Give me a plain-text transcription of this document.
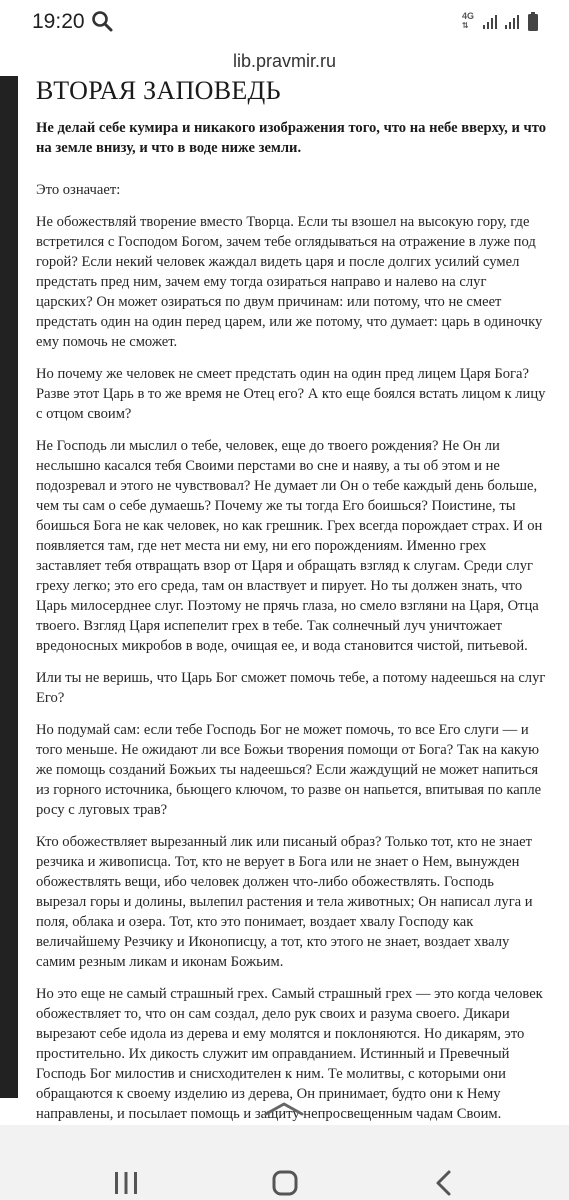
19:20	4G
⇅
lib.pravmir.ru
ВТОРАЯ ЗАПОВЕДЬ

Не делай себе кумира и никакого изображения того, что на небе вверху, и что на земле внизу, и что в воде ниже земли.

Это означает:

Не обожествляй творение вместо Творца. Если ты взошел на высокую гору, где встретился с Господом Богом, зачем тебе оглядываться на отражение в луже под горой? Если некий человек жаждал видеть царя и после долгих усилий сумел предстать пред ним, зачем ему тогда озираться направо и налево на слуг царских? Он может озираться по двум причинам: или потому, что не смеет предстать один на один перед царем, или же потому, что думает: царь в одиночку ему помочь не сможет.

Но почему же человек не смеет предстать один на один пред лицем Царя Бога? Разве этот Царь в то же время не Отец его? А кто еще боялся встать лицом к лицу с отцом своим?

Не Господь ли мыслил о тебе, человек, еще до твоего рождения? Не Он ли неслышно касался тебя Своими перстами во сне и наяву, а ты об этом и не подозревал и этого не чувствовал? Не думает ли Он о тебе каждый день больше, чем ты сам о себе думаешь? Почему же ты тогда Его боишься? Поистине, ты боишься Бога не как человек, но как грешник. Грех всегда порождает страх. И он появляется там, где нет места ни ему, ни его порождениям. Именно грех заставляет тебя отвращать взор от Царя и обращать взгляд к слугам. Среди слуг греху легко; это его среда, там он властвует и пирует. Но ты должен знать, что Царь милосерднее слуг. Поэтому не прячь глаза, но смело взгляни на Царя, Отца твоего. Взгляд Царя испепелит грех в тебе. Так солнечный луч уничтожает вредоносных микробов в воде, очищая ее, и вода становится чистой, питьевой.

Или ты не веришь, что Царь Бог сможет помочь тебе, а потому надеешься на слуг Его?

Но подумай сам: если тебе Господь Бог не может помочь, то все Его слуги — и того меньше. Не ожидают ли все Божьи творения помощи от Бога? Так на какую же помощь созданий Божьих ты надеешься? Если жаждущий не может напиться из горного источника, бьющего ключом, то разве он напьется, впитывая по капле росу с луговых трав?

Кто обожествляет вырезанный лик или писаный образ? Только тот, кто не знает резчика и живописца. Тот, кто не верует в Бога или не знает о Нем, вынужден обожествлять вещи, ибо человек должен что-либо обожествлять. Господь вырезал горы и долины, вылепил растения и тела животных; Он написал луга и поля, облака и озера. Тот, кто это понимает, воздает хвалу Господу как величайшему Резчику и Иконописцу, а тот, кто этого не знает, воздает хвалу самим резным ликам и иконам Божьим.

Но это еще не самый страшный грех. Самый страшный грех — это когда человек обожествляет то, что он сам создал, дело рук своих и разума своего. Дикари вырезают себе идола из дерева и ему молятся и поклоняются. Но дикарям, это простительно. Их дикость служит им оправданием. Истинный и Превечный Господь Бог милостив и снисходителен к ним. Те молитвы, с которыми они обращаются к своему изделию из дерева, Он принимает, будто они к Нему направлены, и посылает помощь и защиту непросвещенным чадам Своим.
